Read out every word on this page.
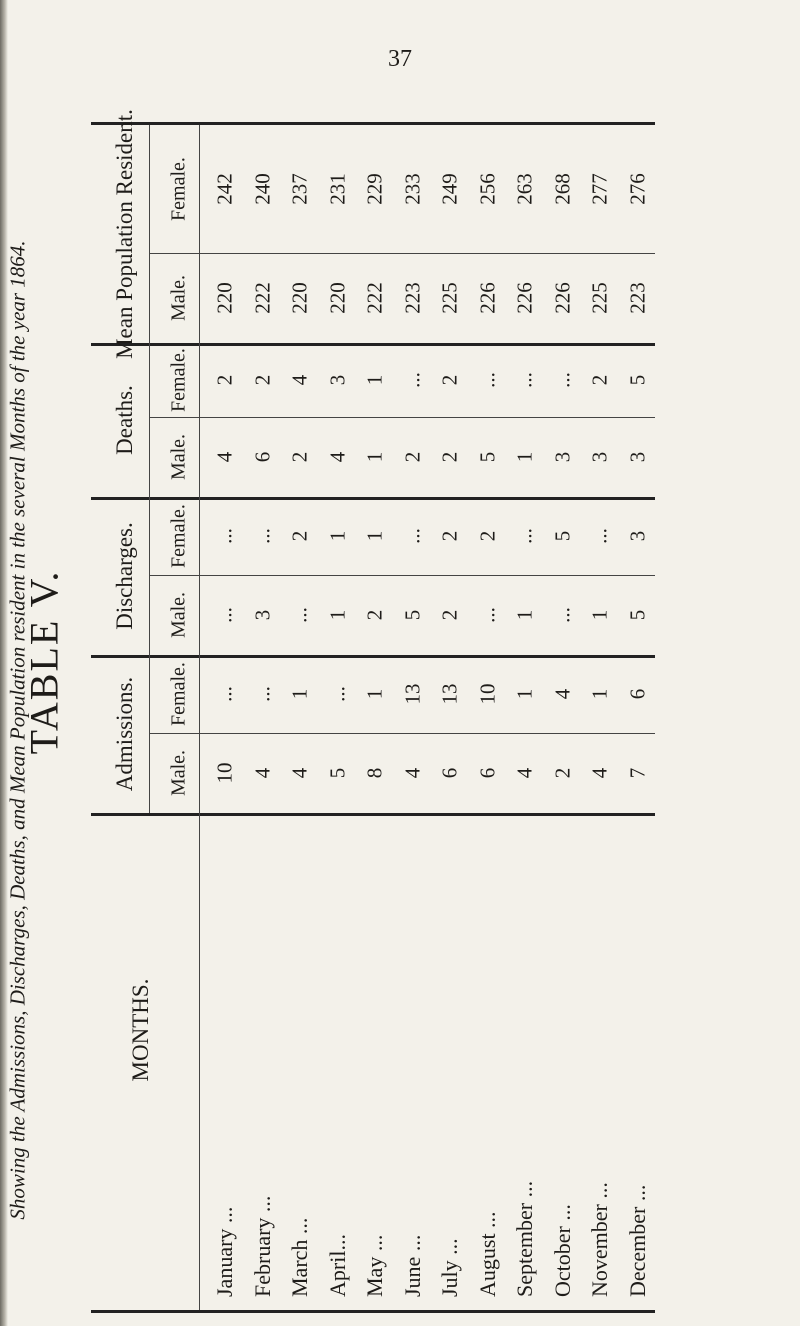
37
TABLE V.
Showing the Admissions, Discharges, Deaths, and Mean Population resident in the several Months of the year 1864.
Mean Population Resident. Male.
Female.
Deaths.
Male.
Female.
Discharges. Male.
Female.
Admissions. Male.
Female.
MONTHS.
242
220
2
4
...
...
...
10
January ...
240
222
2
6
...
3
...
4
February ...
237
220
4
2
2
...
1
4
March ...
231
220
3
4
1
1
...
5
April...
229
222
1
1
1
2
1
8
May ...
233
223
...
2
...
5
13
4
June ...
249
225
2
2
2
2
13
6
July ...
256
226
...
5
2
...
10
6
August ...
263
226
...
1
...
1
1
4
September ...
268
226
...
3
5
...
4
2
October ...
277
225
2
3
...
1
1
4
November ...
276
223
5
3
3
5
6
7
December ...
